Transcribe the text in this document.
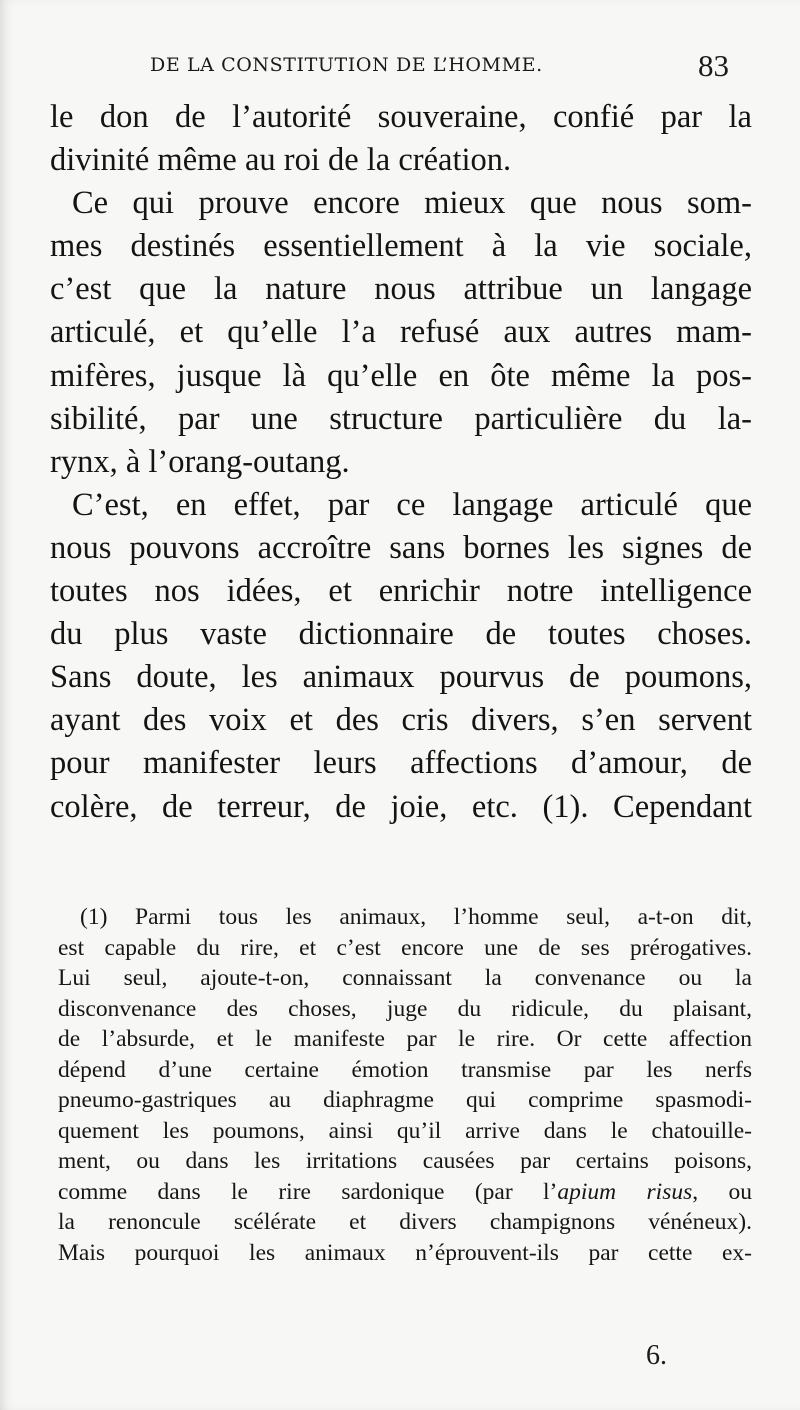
DE LA CONSTITUTION DE L’HOMME.	83
le don de l’autorité souveraine, confié par la
divinité même au roi de la création.
Ce qui prouve encore mieux que nous som-
mes destinés essentiellement à la vie sociale,
c’est que la nature nous attribue un langage
articulé, et qu’elle l’a refusé aux autres mam-
mifères, jusque là qu’elle en ôte même la pos-
sibilité, par une structure particulière du la-
rynx, à l’orang-outang.
C’est, en effet, par ce langage articulé que
nous pouvons accroître sans bornes les signes de
toutes nos idées, et enrichir notre intelligence
du plus vaste dictionnaire de toutes choses.
Sans doute, les animaux pourvus de poumons,
ayant des voix et des cris divers, s’en servent
pour manifester leurs affections d’amour, de
colère, de terreur, de joie, etc. (1). Cependant
(1) Parmi tous les animaux, l’homme seul, a-t-on dit,
est capable du rire, et c’est encore une de ses prérogatives.
Lui seul, ajoute-t-on, connaissant la convenance ou la
disconvenance des choses, juge du ridicule, du plaisant,
de l’absurde, et le manifeste par le rire. Or cette affection
dépend d’une certaine émotion transmise par les nerfs
pneumo-gastriques au diaphragme qui comprime spasmodi-
quement les poumons, ainsi qu’il arrive dans le chatouille-
ment, ou dans les irritations causées par certains poisons,
comme dans le rire sardonique (par l’apium risus, ou
la renoncule scélérate et divers champignons vénéneux).
Mais pourquoi les animaux n’éprouvent-ils par cette ex-
6.
